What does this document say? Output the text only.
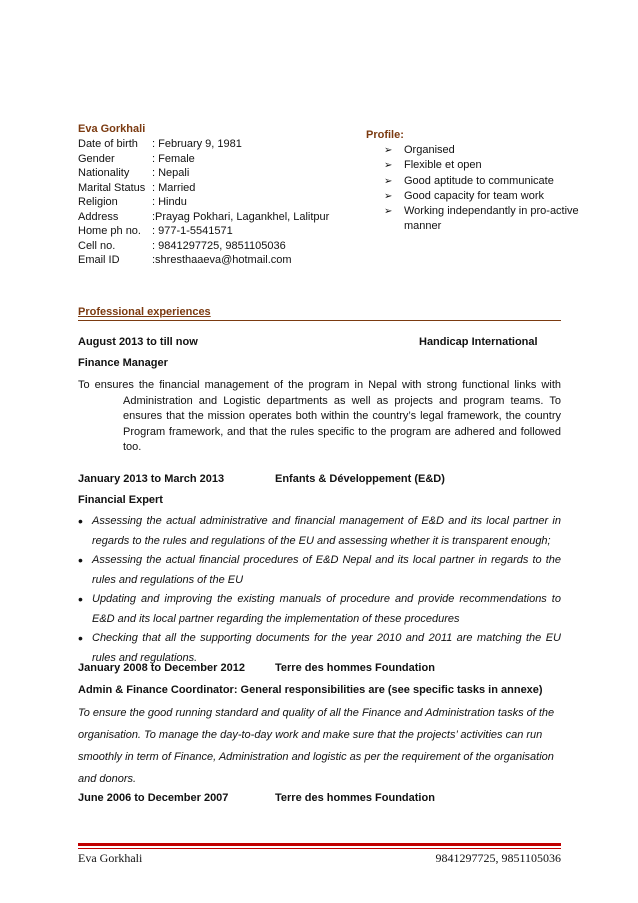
Eva Gorkhali
Date of birth	: February 9, 1981
Gender	: Female
Nationality	: Nepali
Marital Status : Married
Religion	: Hindu
Address	:Prayag Pokhari, Lagankhel, Lalitpur
Home ph no.	: 977-1-5541571
Cell no.	: 9841297725, 9851105036
Email ID	:shresthaaeva@hotmail.com
Profile:
➢	Organised
➢	Flexible et open
➢	Good aptitude to communicate
➢	Good capacity for team work
➢	Working independantly in pro-active manner
Professional experiences
August 2013 to till now	Handicap International
Finance Manager
To ensures the financial management of the program in Nepal with strong functional links with Administration and Logistic departments as well as projects and program teams. To ensures that the mission operates both within the country’s legal framework, the country Program framework, and that the rules specific to the program are adhered and followed too.
January 2013 to March 2013	Enfants & Développement (E&D)
Financial Expert
• Assessing the actual administrative and financial management of E&D and its local partner in regards to the rules and regulations of the EU and assessing whether it is transparent enough;
• Assessing the actual financial procedures of E&D Nepal and its local partner in regards to the rules and regulations of the EU
• Updating and improving the existing manuals of procedure and provide recommendations to E&D and its local partner regarding the implementation of these procedures
• Checking that all the supporting documents for the year 2010 and 2011 are matching the EU rules and regulations.
January 2008 to December 2012	Terre des hommes Foundation
Admin & Finance Coordinator: General responsibilities are (see specific tasks in annexe)
To ensure the good running standard and quality of all the Finance and Administration tasks of the organisation. To manage the day-to-day work and make sure that the projects’ activities can run smoothly in term of Finance, Administration and logistic as per the requirement of the organisation and donors.
June 2006 to December 2007	Terre des hommes Foundation
Eva Gorkhali	9841297725, 9851105036
